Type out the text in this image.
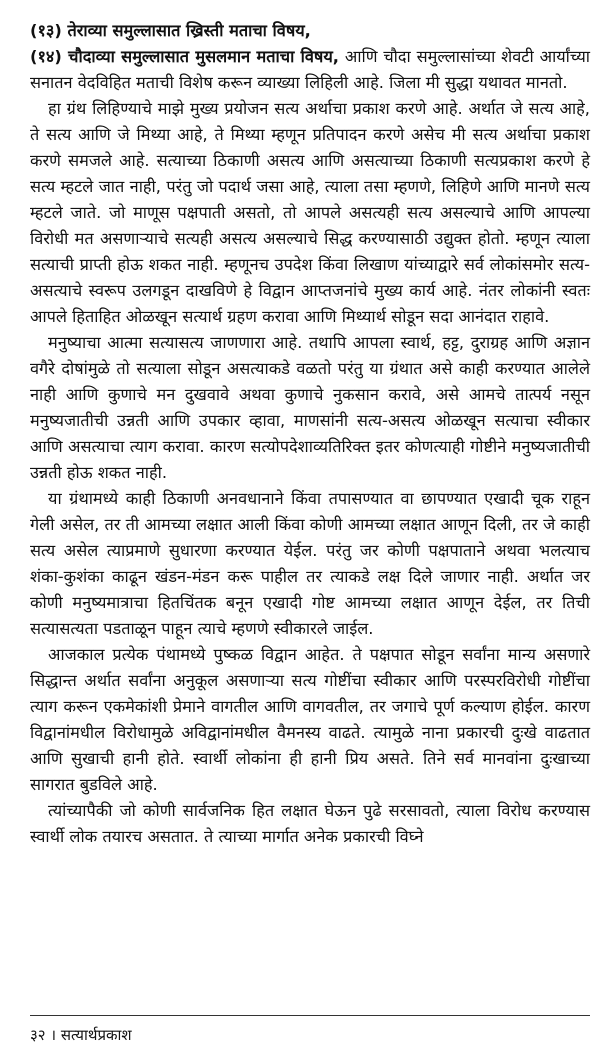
(१३) तेराव्या समुल्लासात ख्रिस्ती मताचा विषय,

(१४) चौदाव्या समुल्लासात मुसलमान मताचा विषय, आणि चौदा समुल्लासांच्या शेवटी आर्यांच्या सनातन वेदविहित मताची विशेष करून व्याख्या लिहिली आहे. जिला मी सुद्धा यथावत मानतो.

हा ग्रंथ लिहिण्याचे माझे मुख्य प्रयोजन सत्य अर्थाचा प्रकाश करणे आहे. अर्थात जे सत्य आहे, ते सत्य आणि जे मिथ्या आहे, ते मिथ्या म्हणून प्रतिपादन करणे असेच मी सत्य अर्थाचा प्रकाश करणे समजले आहे. सत्याच्या ठिकाणी असत्य आणि असत्याच्या ठिकाणी सत्यप्रकाश करणे हे सत्य म्हटले जात नाही, परंतु जो पदार्थ जसा आहे, त्याला तसा म्हणणे, लिहिणे आणि मानणे सत्य म्हटले जाते. जो माणूस पक्षपाती असतो, तो आपले असत्यही सत्य असल्याचे आणि आपल्या विरोधी मत असणाऱ्याचे सत्यही असत्य असल्याचे सिद्ध करण्यासाठी उद्युक्त होतो. म्हणून त्याला सत्याची प्राप्ती होऊ शकत नाही. म्हणूनच उपदेश किंवा लिखाण यांच्याद्वारे सर्व लोकांसमोर सत्य-असत्याचे स्वरूप उलगडून दाखविणे हे विद्वान आप्तजनांचे मुख्य कार्य आहे. नंतर लोकांनी स्वतः आपले हिताहित ओळखून सत्यार्थ ग्रहण करावा आणि मिथ्यार्थ सोडून सदा आनंदात राहावे.

मनुष्याचा आत्मा सत्यासत्य जाणणारा आहे. तथापि आपला स्वार्थ, हट्ट, दुराग्रह आणि अज्ञान वगैरे दोषांमुळे तो सत्याला सोडून असत्याकडे वळतो परंतु या ग्रंथात असे काही करण्यात आलेले नाही आणि कुणाचे मन दुखवावे अथवा कुणाचे नुकसान करावे, असे आमचे तात्पर्य नसून मनुष्यजातीची उन्नती आणि उपकार व्हावा, माणसांनी सत्य-असत्य ओळखून सत्याचा स्वीकार आणि असत्याचा त्याग करावा. कारण सत्योपदेशाव्यतिरिक्त इतर कोणत्याही गोष्टीने मनुष्यजातीची उन्नती होऊ शकत नाही.

या ग्रंथामध्ये काही ठिकाणी अनवधानाने किंवा तपासण्यात वा छापण्यात एखादी चूक राहून गेली असेल, तर ती आमच्या लक्षात आली किंवा कोणी आमच्या लक्षात आणून दिली, तर जे काही सत्य असेल त्याप्रमाणे सुधारणा करण्यात येईल. परंतु जर कोणी पक्षपाताने अथवा भलत्याच शंका-कुशंका काढून खंडन-मंडन करू पाहील तर त्याकडे लक्ष दिले जाणार नाही. अर्थात जर कोणी मनुष्यमात्राचा हितचिंतक बनून एखादी गोष्ट आमच्या लक्षात आणून देईल, तर तिची सत्यासत्यता पडताळून पाहून त्याचे म्हणणे स्वीकारले जाईल.

आजकाल प्रत्येक पंथामध्ये पुष्कळ विद्वान आहेत. ते पक्षपात सोडून सर्वांना मान्य असणारे सिद्धान्त अर्थात सर्वांना अनुकूल असणाऱ्या सत्य गोष्टींचा स्वीकार आणि परस्परविरोधी गोष्टींचा त्याग करून एकमेकांशी प्रेमाने वागतील आणि वागवतील, तर जगाचे पूर्ण कल्याण होईल. कारण विद्वानांमधील विरोधामुळे अविद्वानांमधील वैमनस्य वाढते. त्यामुळे नाना प्रकारची दुःखे वाढतात आणि सुखाची हानी होते. स्वार्थी लोकांना ही हानी प्रिय असते. तिने सर्व मानवांना दुःखाच्या सागरात बुडविले आहे.

त्यांच्यापैकी जो कोणी सार्वजनिक हित लक्षात घेऊन पुढे सरसावतो, त्याला विरोध करण्यास स्वार्थी लोक तयारच असतात. ते त्याच्या मार्गात अनेक प्रकारची विघ्ने

३२ । सत्यार्थप्रकाश
